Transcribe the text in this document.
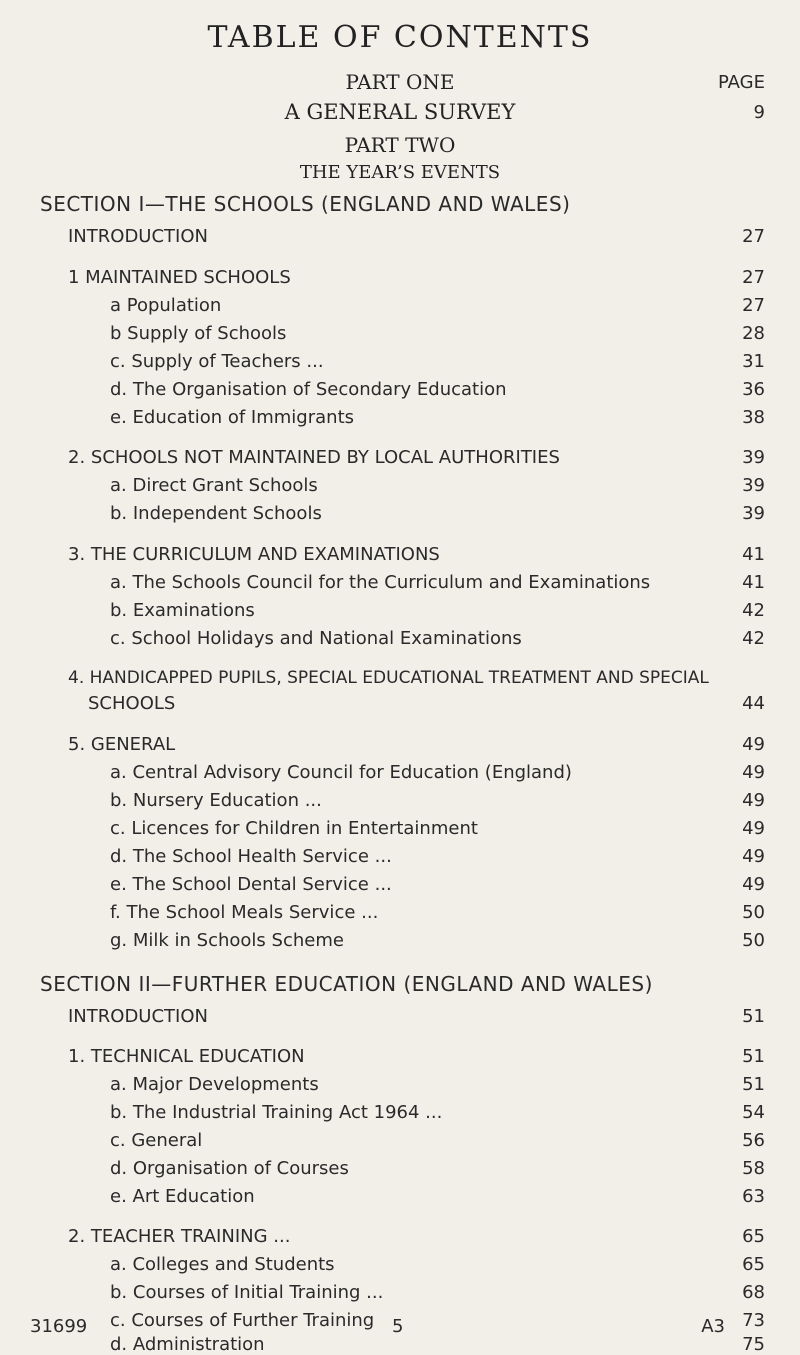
TABLE OF CONTENTS
PART ONE	PAGE
A GENERAL SURVEY	9
PART TWO
THE YEAR’S EVENTS
SECTION I—THE SCHOOLS (ENGLAND AND WALES)
INTRODUCTION	27
1 MAINTAINED SCHOOLS	27
a Population	27
b Supply of Schools	28
c. Supply of Teachers ...	31
d. The Organisation of Secondary Education	36
e. Education of Immigrants	38
2. SCHOOLS NOT MAINTAINED BY LOCAL AUTHORITIES	39
a. Direct Grant Schools	39
b. Independent Schools	39
3. THE CURRICULUM AND EXAMINATIONS	41
a. The Schools Council for the Curriculum and Examinations	41
b. Examinations	42
c. School Holidays and National Examinations	42
4. HANDICAPPED PUPILS, SPECIAL EDUCATIONAL TREATMENT AND SPECIAL
SCHOOLS	44
5. GENERAL	49
a. Central Advisory Council for Education (England)	49
b. Nursery Education ...	49
c. Licences for Children in Entertainment	49
d. The School Health Service ...	49
e. The School Dental Service ...	49
f. The School Meals Service ...	50
g. Milk in Schools Scheme	50
SECTION II—FURTHER EDUCATION (ENGLAND AND WALES)
INTRODUCTION	51
1. TECHNICAL EDUCATION	51
a. Major Developments	51
b. The Industrial Training Act 1964 ...	54
c. General	56
d. Organisation of Courses	58
e. Art Education	63
2. TEACHER TRAINING ...	65
a. Colleges and Students	65
b. Courses of Initial Training ...	68
c. Courses of Further Training	73
d. Administration	75
5
31699	A3
